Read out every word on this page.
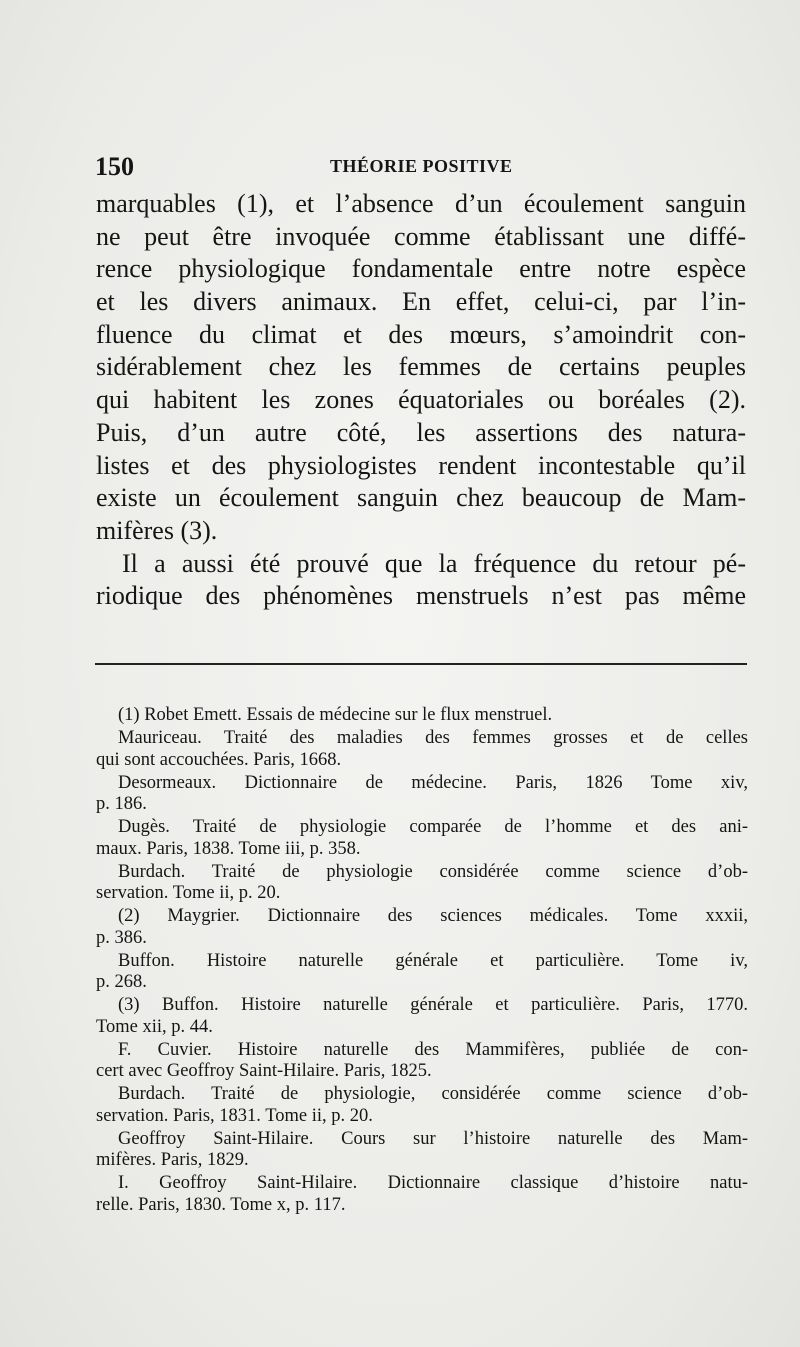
150	THÉORIE POSITIVE
marquables (1), et l’absence d’un écoulement sanguin
ne peut être invoquée comme établissant une diffé-
rence physiologique fondamentale entre notre espèce
et les divers animaux. En effet, celui-ci, par l’in-
fluence du climat et des mœurs, s’amoindrit con-
sidérablement chez les femmes de certains peuples
qui habitent les zones équatoriales ou boréales (2).
Puis, d’un autre côté, les assertions des natura-
listes et des physiologistes rendent incontestable qu’il
existe un écoulement sanguin chez beaucoup de Mam-
mifères (3).
Il a aussi été prouvé que la fréquence du retour pé-
riodique des phénomènes menstruels n’est pas même
(1) Robet Emett. Essais de médecine sur le flux menstruel.
Mauriceau. Traité des maladies des femmes grosses et de celles
qui sont accouchées. Paris, 1668.
Desormeaux. Dictionnaire de médecine. Paris, 1826 Tome xiv,
p. 186.
Dugès. Traité de physiologie comparée de l’homme et des ani-
maux. Paris, 1838. Tome iii, p. 358.
Burdach. Traité de physiologie considérée comme science d’ob-
servation. Tome ii, p. 20.
(2) Maygrier. Dictionnaire des sciences médicales. Tome xxxii,
p. 386.
Buffon. Histoire naturelle générale et particulière. Tome iv,
p. 268.
(3) Buffon. Histoire naturelle générale et particulière. Paris, 1770.
Tome xii, p. 44.
F. Cuvier. Histoire naturelle des Mammifères, publiée de con-
cert avec Geoffroy Saint-Hilaire. Paris, 1825.
Burdach. Traité de physiologie, considérée comme science d’ob-
servation. Paris, 1831. Tome ii, p. 20.
Geoffroy Saint-Hilaire. Cours sur l’histoire naturelle des Mam-
mifères. Paris, 1829.
I. Geoffroy Saint-Hilaire. Dictionnaire classique d’histoire natu-
relle. Paris, 1830. Tome x, p. 117.
